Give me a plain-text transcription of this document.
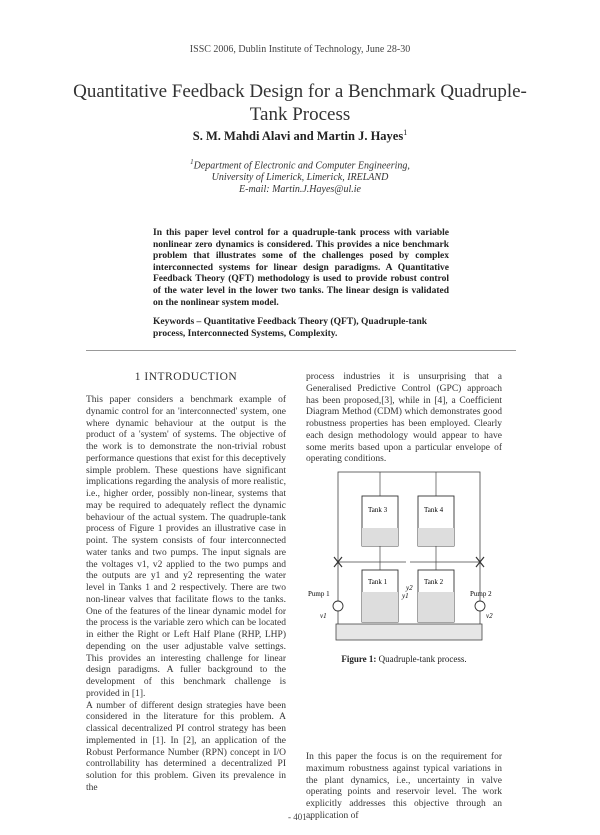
ISSC 2006, Dublin Institute of Technology, June 28-30
Quantitative Feedback Design for a Benchmark Quadruple-Tank Process
S. M. Mahdi Alavi and Martin J. Hayes$^1$
$^1$Department of Electronic and Computer Engineering,
University of Limerick, Limerick, IRELAND
E-mail: Martin.J.Hayes@ul.ie
In this paper level control for a quadruple-tank process with variable nonlinear zero dynamics is considered. This provides a nice benchmark problem that illustrates some of the challenges posed by complex interconnected systems for linear design paradigms. A Quantitative Feedback Theory (QFT) methodology is used to provide robust control of the water level in the lower two tanks. The linear design is validated on the nonlinear system model.
Keywords – Quantitative Feedback Theory (QFT), Quadruple-tank process, Interconnected Systems, Complexity.
1 INTRODUCTION

This paper considers a benchmark example of dynamic control for an 'interconnected' system, one where dynamic behaviour at the output is the product of a 'system' of systems. The objective of the work is to demonstrate the non-trivial robust performance questions that exist for this deceptively simple problem. These questions have significant implications regarding the analysis of more realistic, i.e., higher order, possibly non-linear, systems that may be required to adequately reflect the dynamic behaviour of the actual system. The quadruple-tank process of Figure 1 provides an illustrative case in point. The system consists of four interconnected water tanks and two pumps. The input signals are the voltages v1, v2 applied to the two pumps and the outputs are y1 and y2 representing the water level in Tanks 1 and 2 respectively. There are two non-linear valves that facilitate flows to the tanks. One of the features of the linear dynamic model for the process is the variable zero which can be located in either the Right or Left Half Plane (RHP, LHP) depending on the user adjustable valve settings. This provides an interesting challenge for linear design paradigms. A fuller background to the development of this benchmark challenge is provided in [1].

A number of different design strategies have been considered in the literature for this problem. A classical decentralized PI control strategy has been implemented in [1]. In [2], an application of the Robust Performance Number (RPN) concept in I/O controllability has determined a decentralized PI solution for this problem. Given its prevalence in the

process industries it is unsurprising that a Generalised Predictive Control (GPC) approach has been proposed,[3], while in [4], a Coefficient Diagram Method (CDM) which demonstrates good robustness properties has been employed. Clearly each design methodology would appear to have some merits based upon a particular envelope of operating conditions.
Tank 3	Tank 4
Tank 1	Tank 2
Pump 1	Pump 2
v1	v2
y1
y2
Figure 1: Quadruple-tank process.
In this paper the focus is on the requirement for maximum robustness against typical variations in the plant dynamics, i.e., uncertainty in valve operating points and reservoir level. The work explicitly addresses this objective through an application of
- 401 -
